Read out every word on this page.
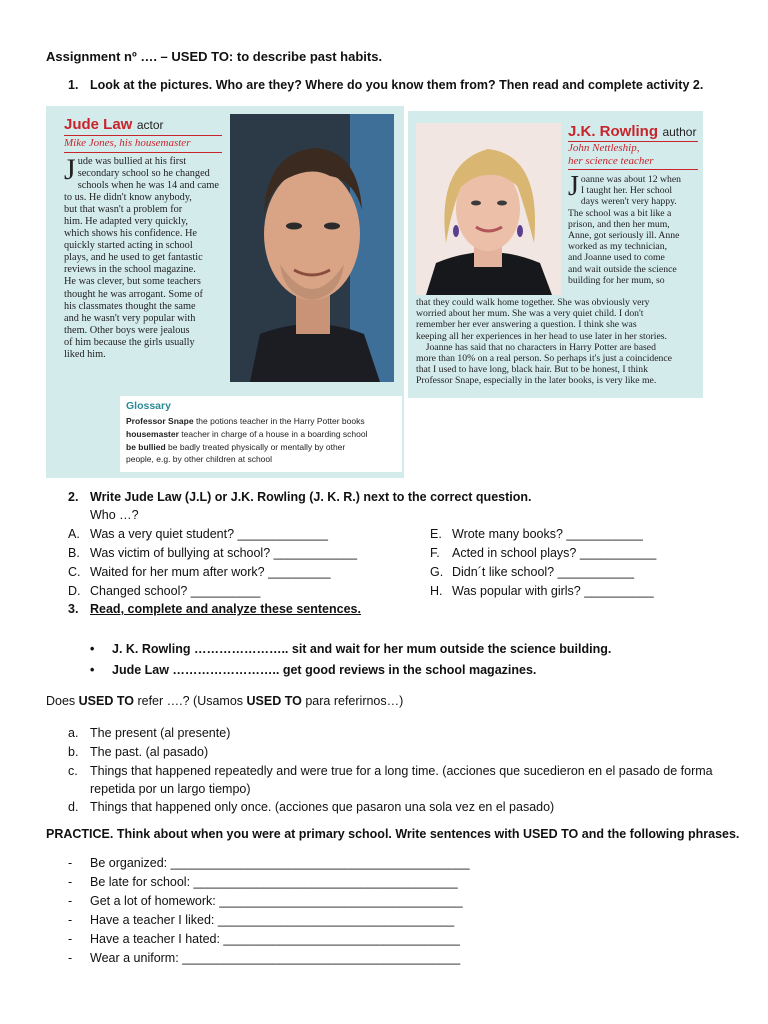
Assignment nº …. – USED TO: to describe past habits.
1. Look at the pictures. Who are they? Where do you know them from? Then read and complete activity 2.
Jude Law actor
Mike Jones, his housemaster
J ude was bullied at his first
secondary school so he changed
schools when he was 14 and came
to us. He didn't know anybody,
but that wasn't a problem for
him. He adapted very quickly,
which shows his confidence. He
quickly started acting in school
plays, and he used to get fantastic
reviews in the school magazine.
He was clever, but some teachers
thought he was arrogant. Some of
his classmates thought the same
and he wasn't very popular with
them. Other boys were jealous
of him because the girls usually
liked him.
Glossary
Professor Snape the potions teacher in the Harry Potter books
housemaster teacher in charge of a house in a boarding school
be bullied be badly treated physically or mentally by other
people, e.g. by other children at school
J.K. Rowling author
John Nettleship,
her science teacher
J oanne was about 12 when
I taught her. Her school
days weren't very happy.
The school was a bit like a
prison, and then her mum,
Anne, got seriously ill. Anne
worked as my technician,
and Joanne used to come
and wait outside the science
building for her mum, so
that they could walk home together. She was obviously very
worried about her mum. She was a very quiet child. I don't
remember her ever answering a question. I think she was
keeping all her experiences in her head to use later in her stories.
Joanne has said that no characters in Harry Potter are based
more than 10% on a real person. So perhaps it's just a coincidence
that I used to have long, black hair. But to be honest, I think
Professor Snape, especially in the later books, is very like me.
2. Write Jude Law (J.L) or J.K. Rowling (J. K. R.) next to the correct question.
Who …?
A. Was a very quiet student? _____________
B. Was victim of bullying at school? ____________
C. Waited for her mum after work? _________
D. Changed school? __________
E. Wrote many books? ___________
F. Acted in school plays? ___________
G. Didn´t like school? ___________
H. Was popular with girls? __________
3. Read, complete and analyze these sentences.
• J. K. Rowling ………………….. sit and wait for her mum outside the science building.
• Jude Law …………………….. get good reviews in the school magazines.
Does USED TO refer ….? (Usamos USED TO para referirnos…)
a. The present (al presente)
b. The past. (al pasado)
c. Things that happened repeatedly and were true for a long time. (acciones que sucedieron en el pasado de forma repetida por un largo tiempo)
d. Things that happened only once. (acciones que pasaron una sola vez en el pasado)
PRACTICE. Think about when you were at primary school. Write sentences with USED TO and the following phrases.
- Be organized: ___________________________________________
- Be late for school: ______________________________________
- Get a lot of homework: ___________________________________
- Have a teacher I liked: __________________________________
- Have a teacher I hated: __________________________________
- Wear a uniform: ________________________________________
